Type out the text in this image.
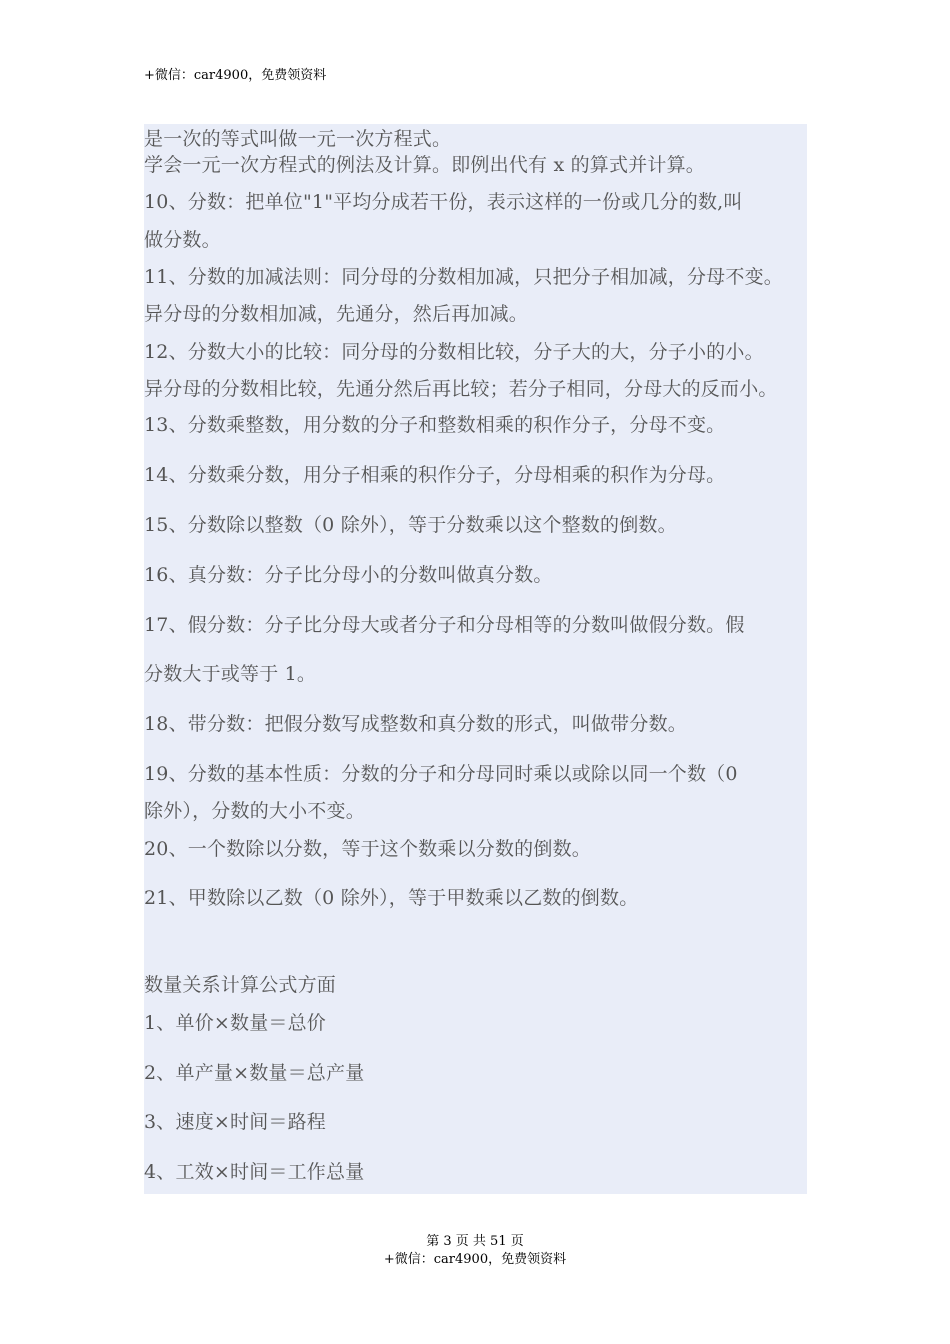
+微信：car4900，免费领资料
是一次的等式叫做一元一次方程式。
学会一元一次方程式的例法及计算。即例出代有 x 的算式并计算。
10、分数：把单位"1"平均分成若干份，表示这样的一份或几分的数,叫
做分数。
11、分数的加减法则：同分母的分数相加减，只把分子相加减，分母不变。
异分母的分数相加减，先通分，然后再加减。
12、分数大小的比较：同分母的分数相比较，分子大的大，分子小的小。
异分母的分数相比较，先通分然后再比较；若分子相同，分母大的反而小。
13、分数乘整数，用分数的分子和整数相乘的积作分子，分母不变。
14、分数乘分数，用分子相乘的积作分子，分母相乘的积作为分母。
15、分数除以整数（0 除外），等于分数乘以这个整数的倒数。
16、真分数：分子比分母小的分数叫做真分数。
17、假分数：分子比分母大或者分子和分母相等的分数叫做假分数。假
分数大于或等于 1。
18、带分数：把假分数写成整数和真分数的形式，叫做带分数。
19、分数的基本性质：分数的分子和分母同时乘以或除以同一个数（0
除外），分数的大小不变。
20、一个数除以分数，等于这个数乘以分数的倒数。
21、甲数除以乙数（0 除外），等于甲数乘以乙数的倒数。
数量关系计算公式方面
1、单价×数量＝总价
2、单产量×数量＝总产量
3、速度×时间＝路程
4、工效×时间＝工作总量
第 3 页 共 51 页
+微信：car4900，免费领资料
